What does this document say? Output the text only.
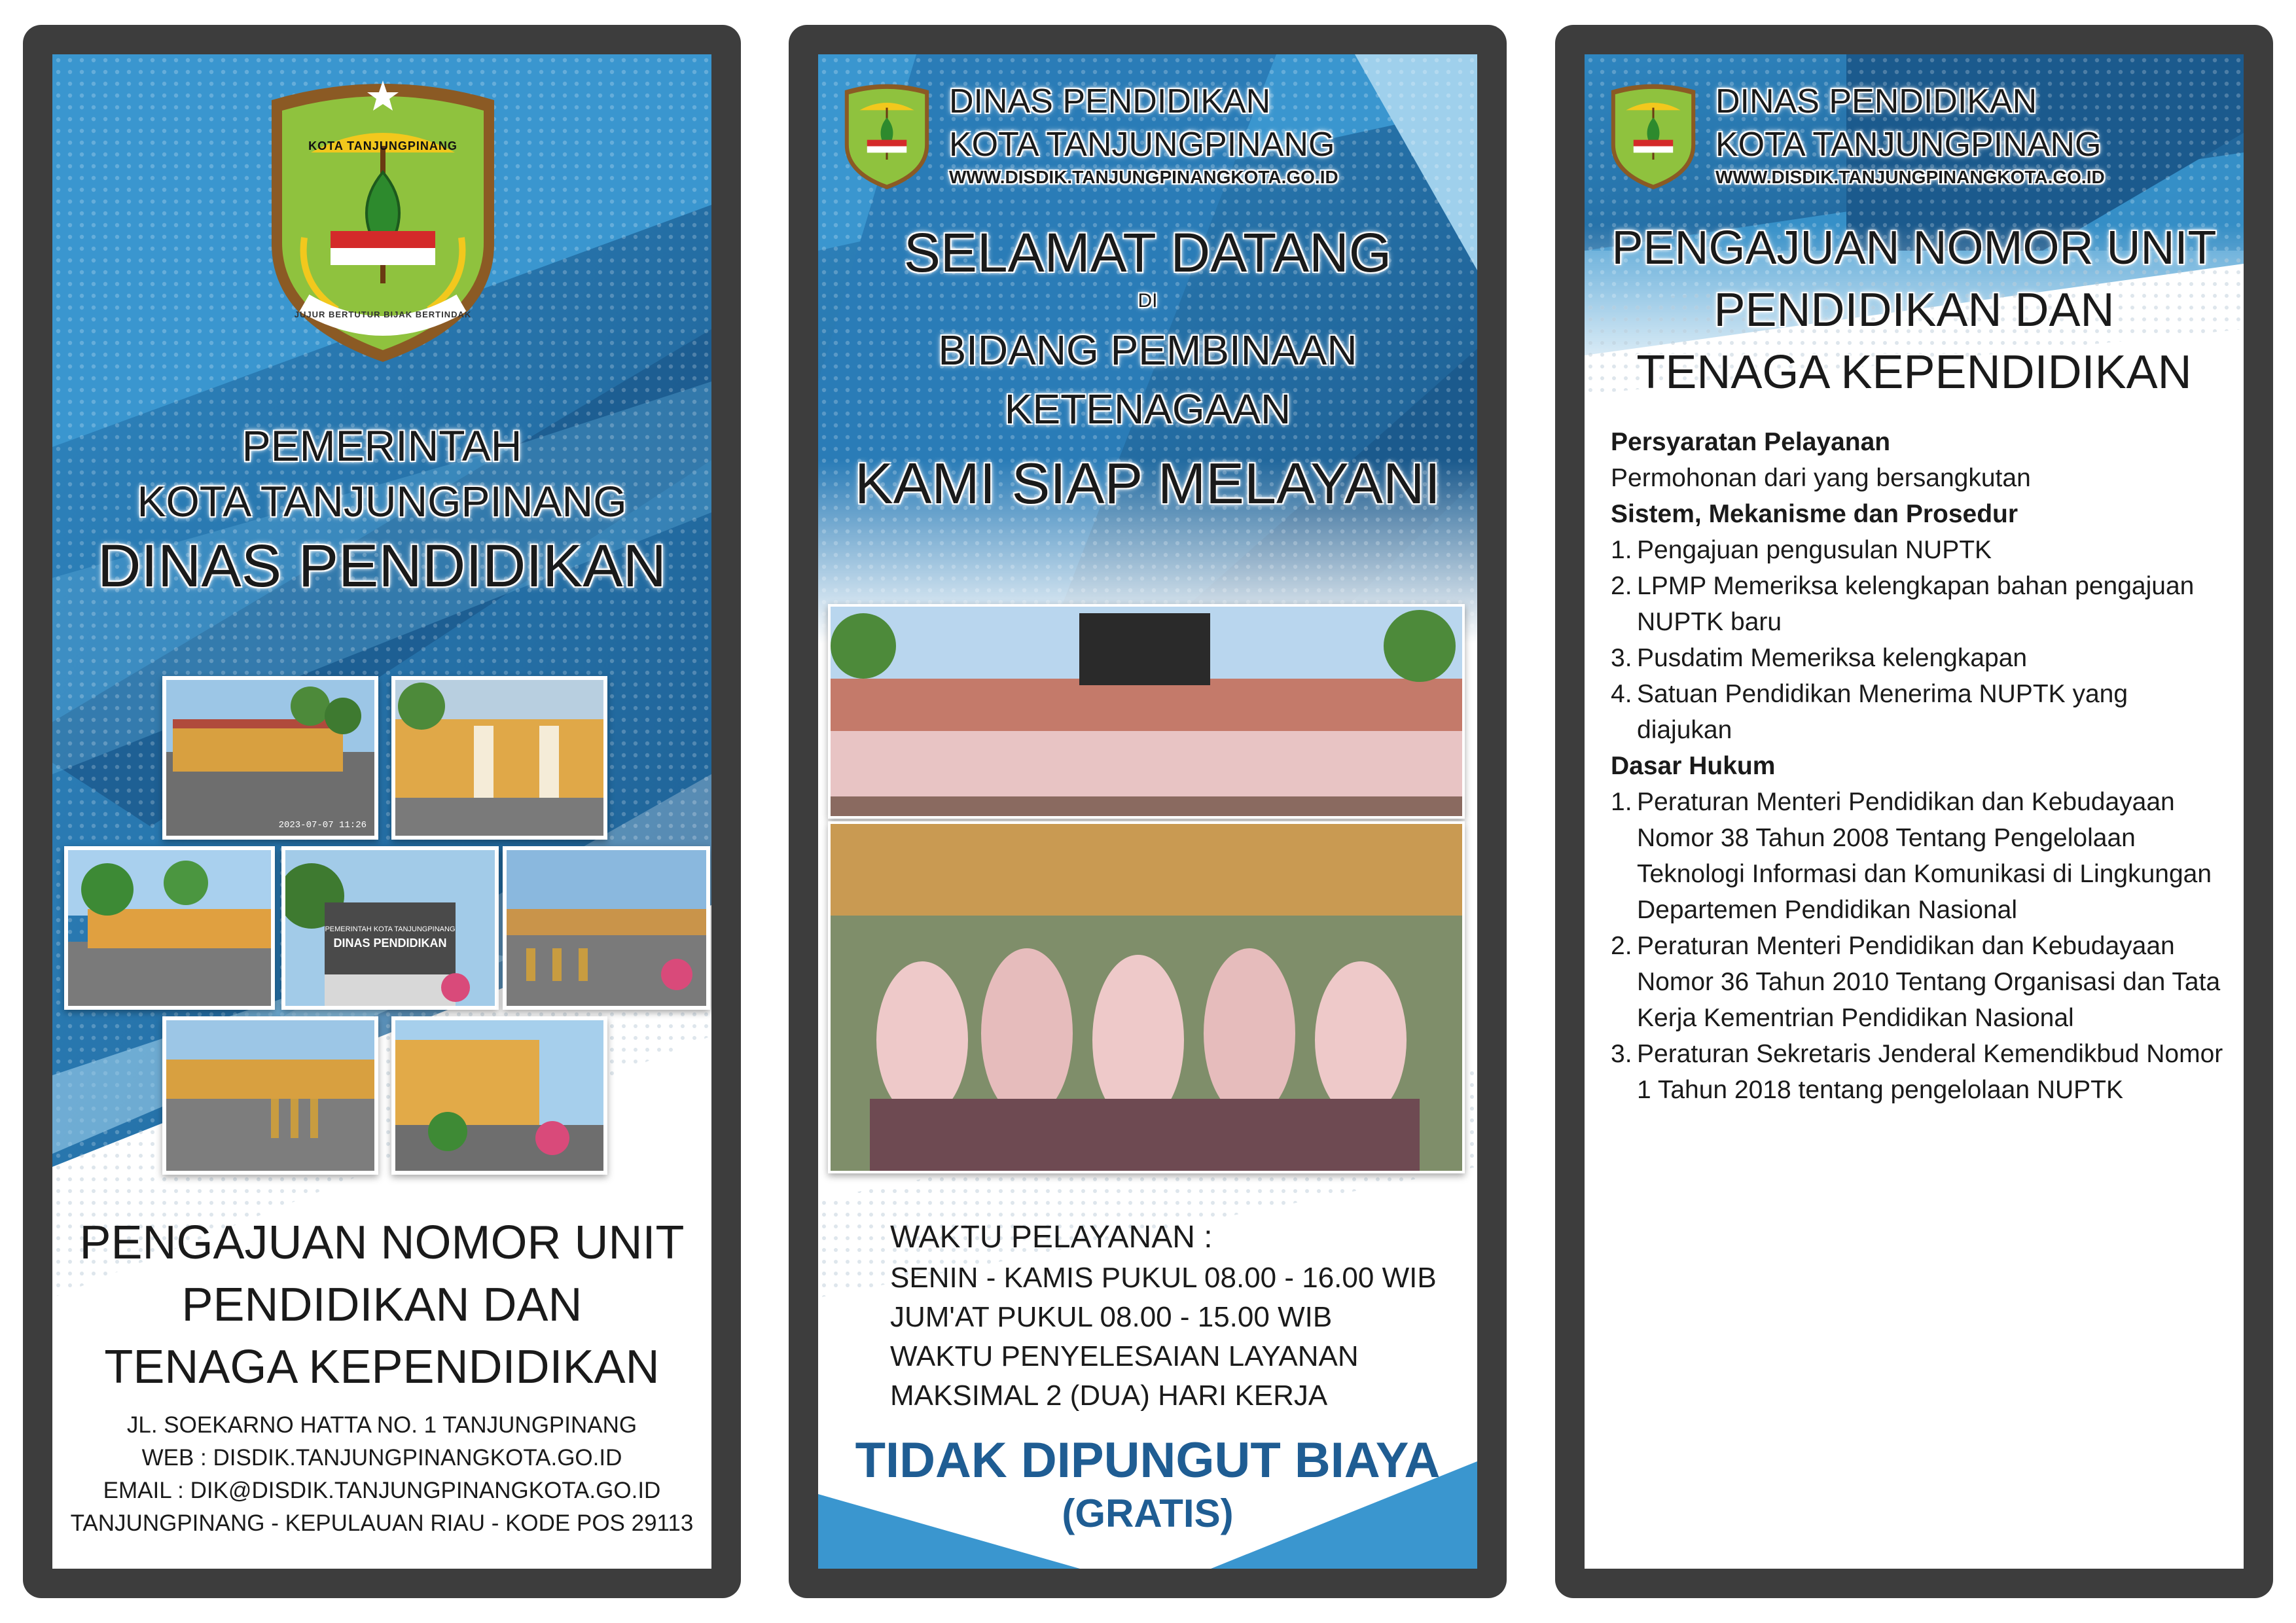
KOTA TANJUNGPINANG
JUJUR BERTUTUR BIJAK BERTINDAK
PEMERINTAH
KOTA TANJUNGPINANG
DINAS PENDIDIKAN
2023-07-07 11:26
PEMERINTAH KOTA TANJUNGPINANG
DINAS PENDIDIKAN
PENGAJUAN NOMOR UNIT
PENDIDIKAN DAN
TENAGA KEPENDIDIKAN
JL. SOEKARNO HATTA NO. 1 TANJUNGPINANG
WEB : DISDIK.TANJUNGPINANGKOTA.GO.ID
EMAIL : DIK@DISDIK.TANJUNGPINANGKOTA.GO.ID
TANJUNGPINANG - KEPULAUAN RIAU - KODE POS 29113
DINAS PENDIDIKAN
KOTA TANJUNGPINANG
WWW.DISDIK.TANJUNGPINANGKOTA.GO.ID
SELAMAT DATANG
DI
BIDANG PEMBINAAN
KETENAGAAN
KAMI SIAP MELAYANI
WAKTU PELAYANAN :
SENIN - KAMIS PUKUL 08.00 - 16.00 WIB
JUM'AT PUKUL 08.00 - 15.00 WIB
WAKTU PENYELESAIAN LAYANAN
MAKSIMAL 2 (DUA) HARI KERJA
TIDAK DIPUNGUT BIAYA
(GRATIS)
DINAS PENDIDIKAN
KOTA TANJUNGPINANG
WWW.DISDIK.TANJUNGPINANGKOTA.GO.ID
PENGAJUAN NOMOR UNIT
PENDIDIKAN DAN
TENAGA KEPENDIDIKAN
Persyaratan Pelayanan
Permohonan dari yang bersangkutan
Sistem, Mekanisme dan Prosedur
1. Pengajuan pengusulan NUPTK
2. LPMP Memeriksa kelengkapan bahan pengajuan NUPTK baru
3. Pusdatim Memeriksa kelengkapan
4. Satuan Pendidikan Menerima NUPTK yang diajukan
Dasar Hukum
1. Peraturan Menteri Pendidikan dan Kebudayaan Nomor 38 Tahun 2008 Tentang Pengelolaan Teknologi Informasi dan Komunikasi di Lingkungan Departemen Pendidikan Nasional
2. Peraturan Menteri Pendidikan dan Kebudayaan Nomor 36 Tahun 2010 Tentang Organisasi dan Tata Kerja Kementrian Pendidikan Nasional
3. Peraturan Sekretaris Jenderal Kemendikbud Nomor 1 Tahun 2018 tentang pengelolaan NUPTK
